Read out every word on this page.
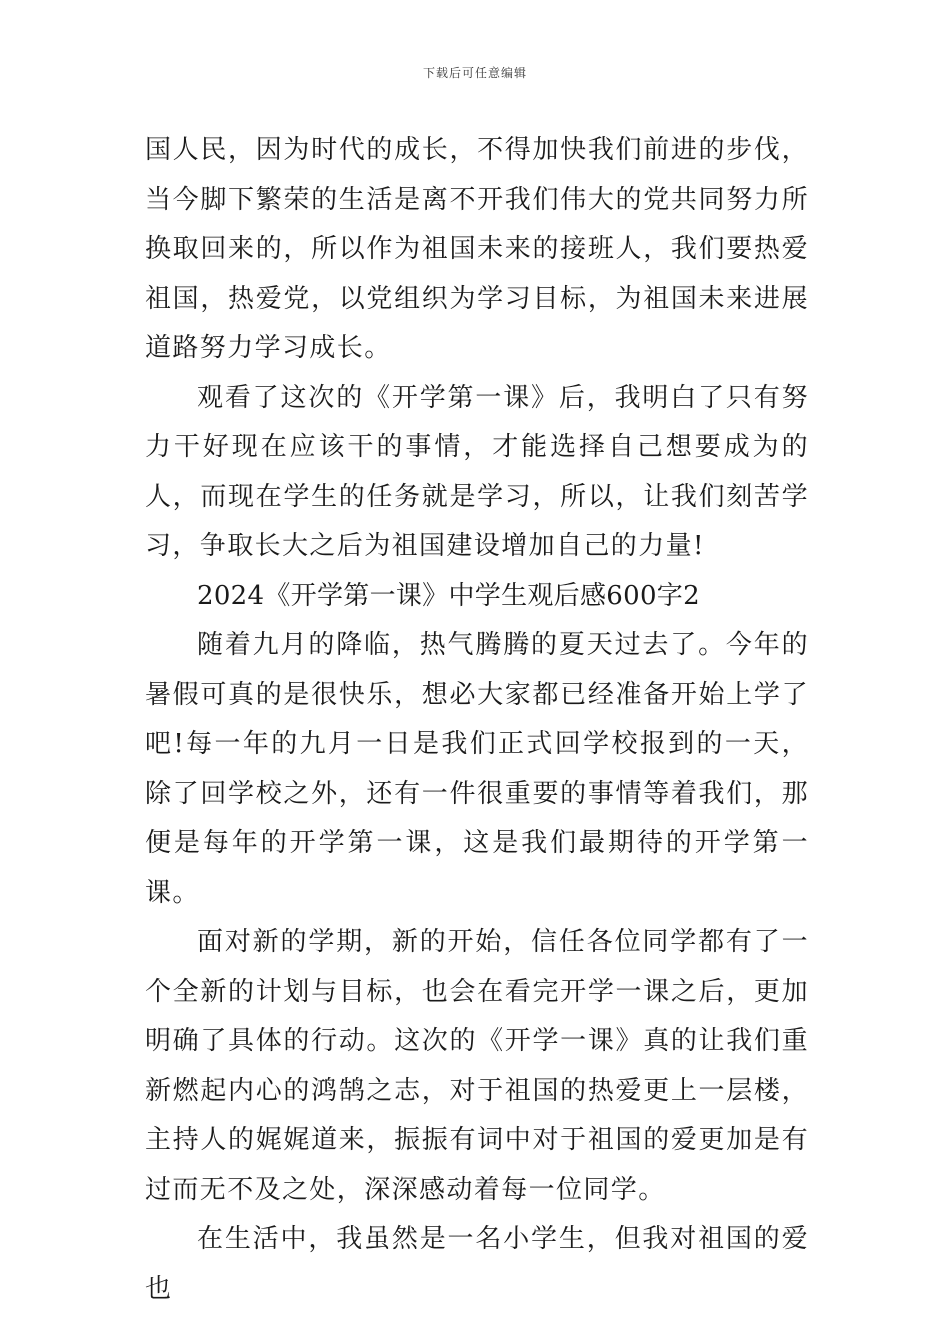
下载后可任意编辑

国人民，因为时代的成长，不得加快我们前进的步伐，当今脚下繁荣的生活是离不开我们伟大的党共同努力所换取回来的，所以作为祖国未来的接班人，我们要热爱祖国，热爱党，以党组织为学习目标，为祖国未来进展道路努力学习成长。

观看了这次的《开学第一课》后，我明白了只有努力干好现在应该干的事情，才能选择自己想要成为的人，而现在学生的任务就是学习，所以，让我们刻苦学习，争取长大之后为祖国建设增加自己的力量!

2024《开学第一课》中学生观后感600字2

随着九月的降临，热气腾腾的夏天过去了。今年的暑假可真的是很快乐，想必大家都已经准备开始上学了吧!每一年的九月一日是我们正式回学校报到的一天，除了回学校之外，还有一件很重要的事情等着我们，那便是每年的开学第一课，这是我们最期待的开学第一课。

面对新的学期，新的开始，信任各位同学都有了一个全新的计划与目标，也会在看完开学一课之后，更加明确了具体的行动。这次的《开学一课》真的让我们重新燃起内心的鸿鹄之志，对于祖国的热爱更上一层楼，主持人的娓娓道来，振振有词中对于祖国的爱更加是有过而无不及之处，深深感动着每一位同学。

在生活中，我虽然是一名小学生，但我对祖国的爱也
